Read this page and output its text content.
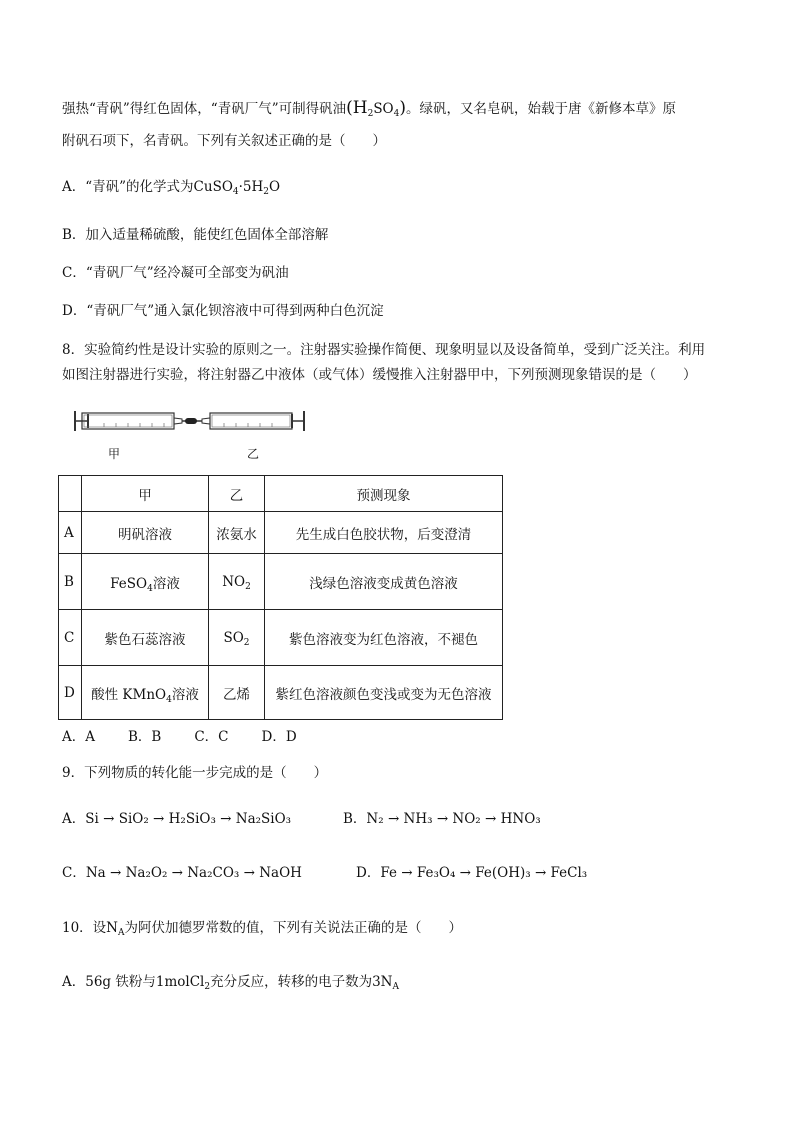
强热“青矾”得红色固体，“青矾厂气”可制得矾油$(H_2SO_4)$。绿矾，又名皂矾，始载于唐《新修本草》原
附矾石项下，名青矾。下列有关叙述正确的是（　　）
A．“青矾”的化学式为$CuSO_4\cdot 5H_2O$
B．加入适量稀硫酸，能使红色固体全部溶解
C．“青矾厂气”经冷凝可全部变为矾油
D．“青矾厂气”通入氯化钡溶液中可得到两种白色沉淀
8．实验简约性是设计实验的原则之一。注射器实验操作简便、现象明显以及设备简单，受到广泛关注。利用
如图注射器进行实验，将注射器乙中液体（或气体）缓慢推入注射器甲中，下列预测现象错误的是（　　）
甲	乙
	甲	乙	预测现象
A	明矾溶液	浓氨水	先生成白色胶状物，后变澄清
B	FeSO$_4$溶液	$NO_2$	浅绿色溶液变成黄色溶液
C	紫色石蕊溶液	$SO_2$	紫色溶液变为红色溶液，不褪色
D	酸性 KMnO$_4$溶液	乙烯	紫红色溶液颜色变浅或变为无色溶液
A．A B．B C．C D．D
9．下列物质的转化能一步完成的是（　　）
A．Si → SiO₂ → H₂SiO₃ → Na₂SiO₃	B．N₂ → NH₃ → NO₂ → HNO₃
C．Na → Na₂O₂ → Na₂CO₃ → NaOH	D．Fe → Fe₃O₄ → Fe(OH)₃ → FeCl₃
10．设$N_A$为阿伏加德罗常数的值，下列有关说法正确的是（　　）
A．56g 铁粉与1molCl$_2$充分反应，转移的电子数为$3N_A$
